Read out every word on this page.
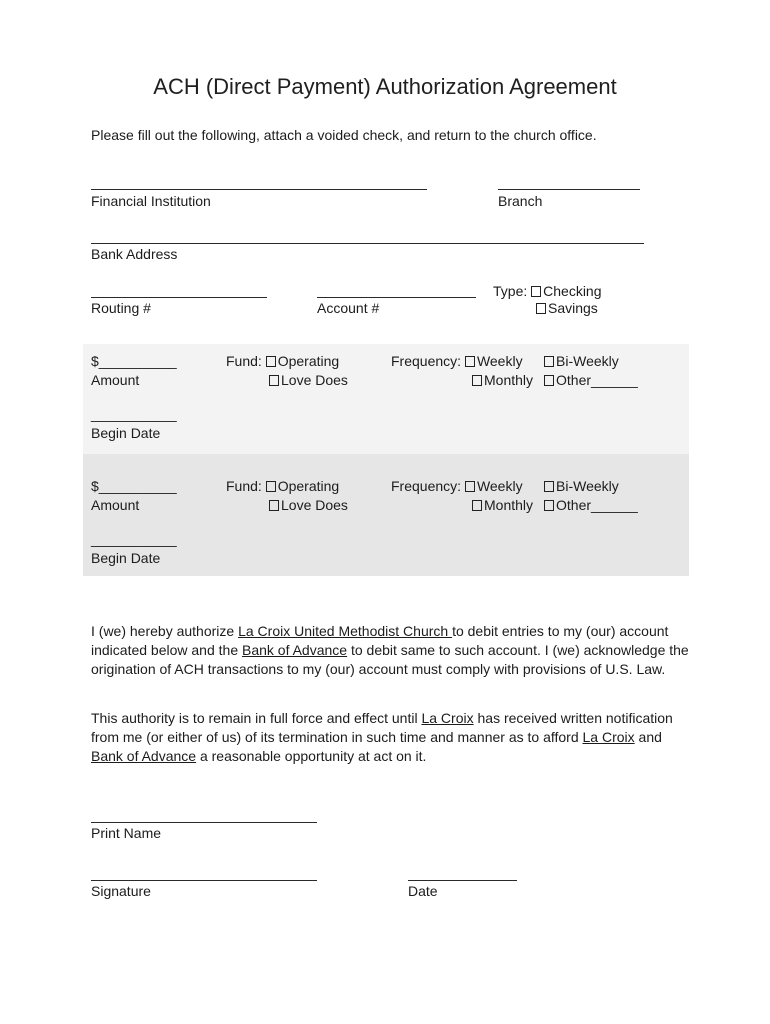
ACH (Direct Payment) Authorization Agreement
Please fill out the following, attach a voided check, and return to the church office.
Financial Institution	Branch
Bank Address
Routing #	Account #
Type: Checking
Savings
$__________
Amount
Fund: Operating
Love Does
Frequency: Weekly	Bi-Weekly
Monthly	Other______
___________
Begin Date
$__________
Amount
Fund: Operating
Love Does
Frequency: Weekly	Bi-Weekly
Monthly	Other______
___________
Begin Date
I (we) hereby authorize La Croix United Methodist Church to debit entries to my (our) account indicated below and the Bank of Advance to debit same to such account. I (we) acknowledge the origination of ACH transactions to my (our) account must comply with provisions of U.S. Law.
This authority is to remain in full force and effect until La Croix has received written notification from me (or either of us) of its termination in such time and manner as to afford La Croix and Bank of Advance a reasonable opportunity at act on it.
Print Name
Signature	Date
